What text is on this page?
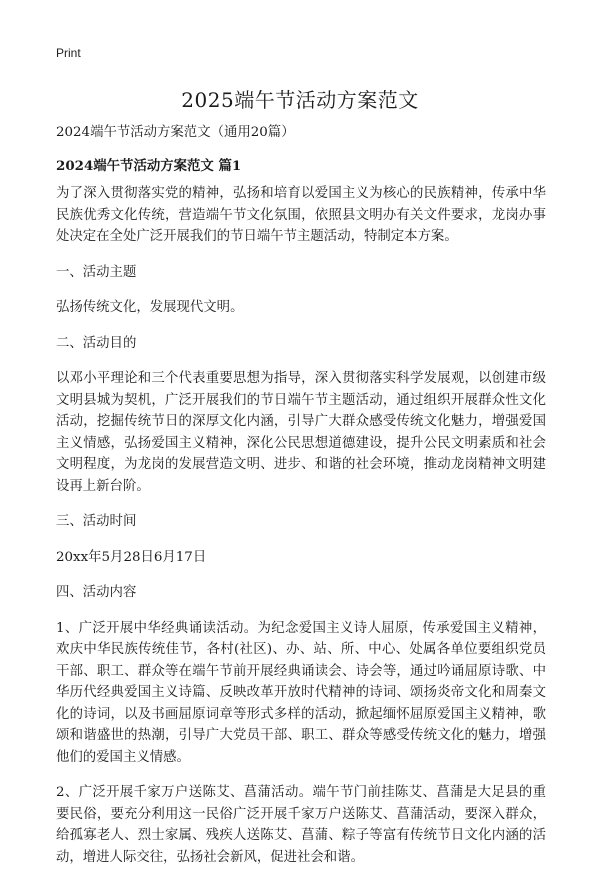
Print
2025端午节活动方案范文

2024端午节活动方案范文（通用20篇）

2024端午节活动方案范文 篇1

为了深入贯彻落实党的精神，弘扬和培育以爱国主义为核心的民族精神，传承中华民族优秀文化传统，营造端午节文化氛围，依照县文明办有关文件要求，龙岗办事处决定在全处广泛开展我们的节日端午节主题活动，特制定本方案。

一、活动主题

弘扬传统文化，发展现代文明。

二、活动目的

以邓小平理论和三个代表重要思想为指导，深入贯彻落实科学发展观，以创建市级文明县城为契机，广泛开展我们的节日端午节主题活动，通过组织开展群众性文化活动，挖掘传统节日的深厚文化内涵，引导广大群众感受传统文化魅力，增强爱国主义情感，弘扬爱国主义精神，深化公民思想道德建设，提升公民文明素质和社会文明程度，为龙岗的发展营造文明、进步、和谐的社会环境，推动龙岗精神文明建设再上新台阶。

三、活动时间

20xx年5月28日6月17日

四、活动内容

1、广泛开展中华经典诵读活动。为纪念爱国主义诗人屈原，传承爱国主义精神，欢庆中华民族传统佳节，各村(社区)、办、站、所、中心、处属各单位要组织党员干部、职工、群众等在端午节前开展经典诵读会、诗会等，通过吟诵屈原诗歌、中华历代经典爱国主义诗篇、反映改革开放时代精神的诗词、颂扬炎帝文化和周秦文化的诗词，以及书画屈原词章等形式多样的活动，掀起缅怀屈原爱国主义精神，歌颂和谐盛世的热潮，引导广大党员干部、职工、群众等感受传统文化的魅力，增强他们的爱国主义情感。

2、广泛开展千家万户送陈艾、菖蒲活动。端午节门前挂陈艾、菖蒲是大足县的重要民俗，要充分利用这一民俗广泛开展千家万户送陈艾、菖蒲活动，要深入群众，给孤寡老人、烈士家属、残疾人送陈艾、菖蒲、粽子等富有传统节日文化内涵的活动，增进人际交往，弘扬社会新风，促进社会和谐。
